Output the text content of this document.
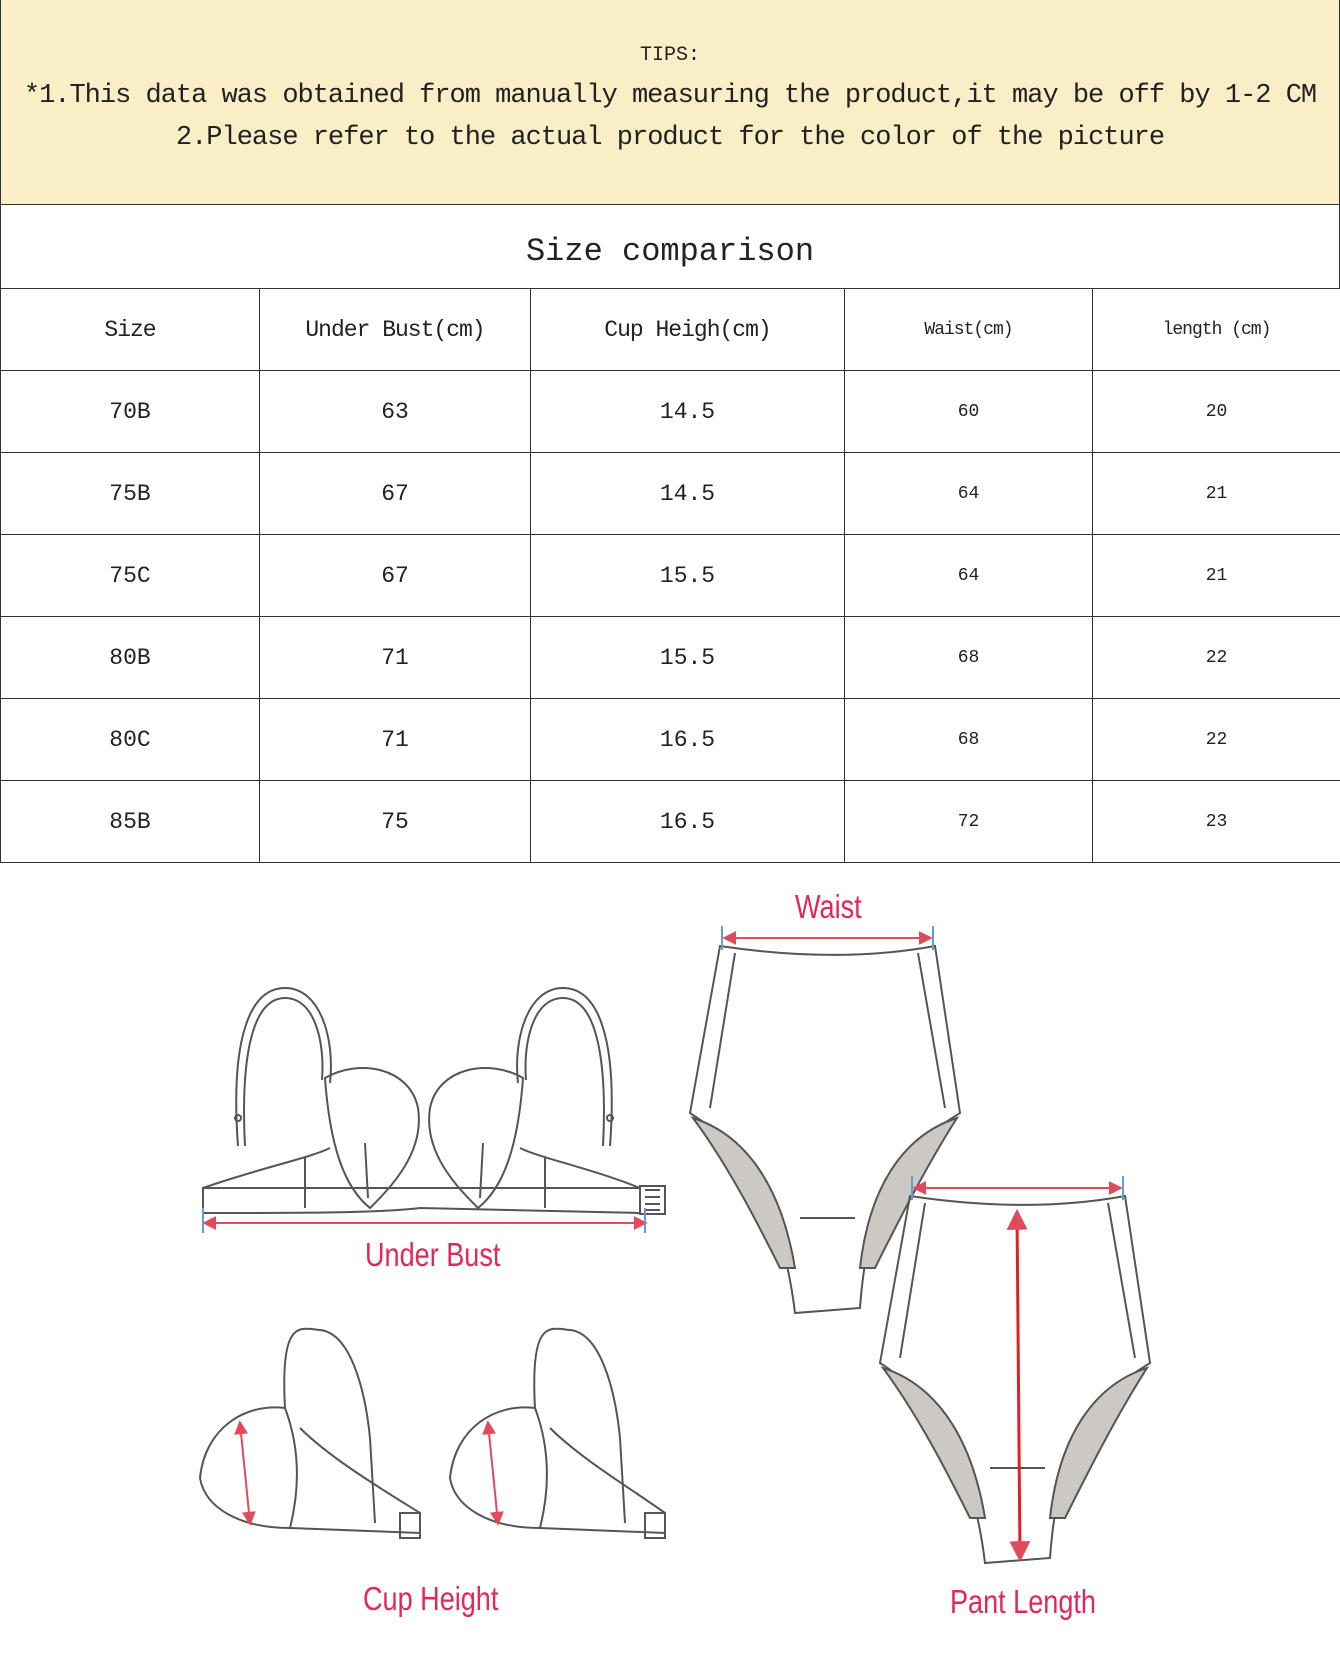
TIPS:
*1.This data was obtained from manually measuring the product,it may be off by 1-2 CM
2.Please refer to the actual product for the color of the picture
Size comparison
Size	Under Bust(cm)	Cup Heigh(cm)	Waist(cm)	length (cm)
70B	63	14.5	60	20
75B	67	14.5	64	21
75C	67	15.5	64	21
80B	71	15.5	68	22
80C	71	16.5	68	22
85B	75	16.5	72	23
Under Bust
Cup Height
Waist
Pant Length
